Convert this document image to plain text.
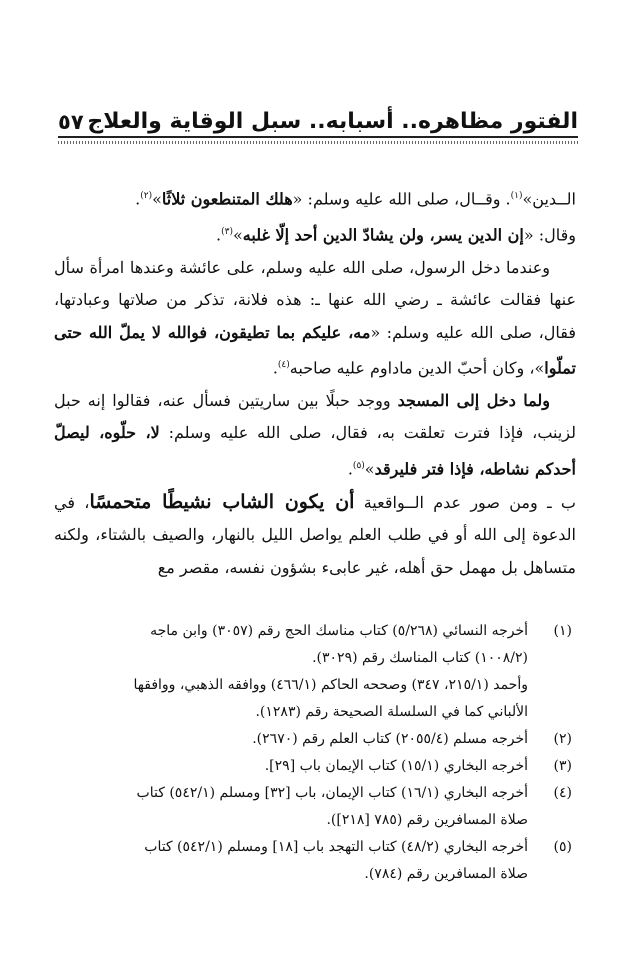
الفتور مظاهره.. أسبابه.. سبل الوقاية والعلاج
٥٧

الــدين»$^{(١)}$. وقــال، صلى الله عليه وسلم: «هلك المتنطعون ثلاثًا»$^{(٢)}$.
وقال: «إن الدين يسر، ولن يشادّ الدين أحد إلّا غلبه»$^{(٣)}$.

وعندما دخل الرسول، صلى الله عليه وسلم، على عائشة وعندها امرأة سأل عنها فقالت عائشة ـ رضي الله عنها ـ: هذه فلانة، تذكر من صلاتها وعبادتها، فقال، صلى الله عليه وسلم: «مه، عليكم بما تطيقون، فوالله لا يملّ الله حتى تملّوا»، وكان أحبّ الدين ماداوم عليه صاحبه$^{(٤)}$.

ولما دخل إلى المسجد ووجد حبلًا بين ساريتين فسأل عنه، فقالوا إنه حبل لزينب، فإذا فترت تعلقت به، فقال، صلى الله عليه وسلم: لا، حلّوه، ليصلّ أحدكم نشاطه، فإذا فتر فليرقد»$^{(٥)}$.

ب ـ ومن صور عدم الــواقعية أن يكون الشاب نشيطًا متحمسًا، في الدعوة إلى الله أو في طلب العلم يواصل الليل بالنهار، والصيف بالشتاء، ولكنه متساهل بل مهمل حق أهله، غير عابىء بشؤون نفسه، مقصر مع

(١)
أخرجه النسائي (٥/٢٦٨) كتاب مناسك الحج رقم (٣٠٥٧) وابن ماجه
(١٠٠٨/٢) كتاب المناسك رقم (٣٠٢٩).
وأحمد (٢١٥/١، ٣٤٧) وصححه الحاكم (٤٦٦/١) ووافقه الذهبي، ووافقها
الألباني كما في السلسلة الصحيحة رقم (١٢٨٣).
(٢)
أخرجه مسلم (٢٠٥٥/٤) كتاب العلم رقم (٢٦٧٠).
(٣)
أخرجه البخاري (١٥/١) كتاب الإيمان باب [٢٩].
(٤)
أخرجه البخاري (١٦/١) كتاب الإيمان، باب [٣٢] ومسلم (٥٤٢/١) كتاب
صلاة المسافرين رقم (٧٨٥ [٢١٨]).
(٥)
أخرجه البخاري (٤٨/٢) كتاب التهجد باب [١٨] ومسلم (٥٤٢/١) كتاب
صلاة المسافرين رقم (٧٨٤).
